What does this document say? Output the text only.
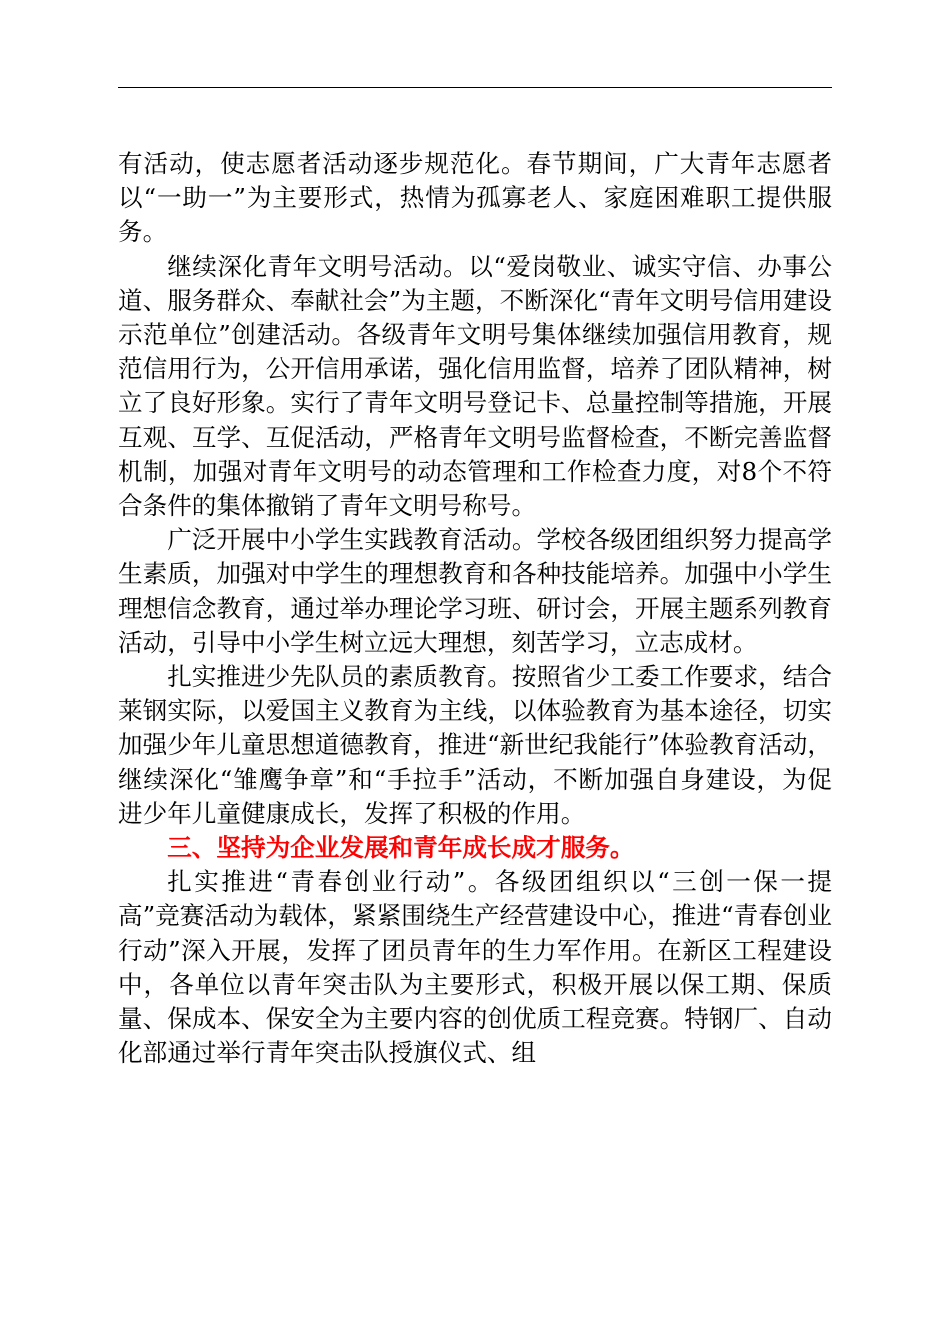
有活动，使志愿者活动逐步规范化。春节期间，广大青年志愿者以“一助一”为主要形式，热情为孤寡老人、家庭困难职工提供服务。

继续深化青年文明号活动。以“爱岗敬业、诚实守信、办事公道、服务群众、奉献社会”为主题，不断深化“青年文明号信用建设示范单位”创建活动。各级青年文明号集体继续加强信用教育，规范信用行为，公开信用承诺，强化信用监督，培养了团队精神，树立了良好形象。实行了青年文明号登记卡、总量控制等措施，开展互观、互学、互促活动，严格青年文明号监督检查，不断完善监督机制，加强对青年文明号的动态管理和工作检查力度，对8个不符合条件的集体撤销了青年文明号称号。

广泛开展中小学生实践教育活动。学校各级团组织努力提高学生素质，加强对中学生的理想教育和各种技能培养。加强中小学生理想信念教育，通过举办理论学习班、研讨会，开展主题系列教育活动，引导中小学生树立远大理想，刻苦学习，立志成材。

扎实推进少先队员的素质教育。按照省少工委工作要求，结合莱钢实际，以爱国主义教育为主线，以体验教育为基本途径，切实加强少年儿童思想道德教育，推进“新世纪我能行”体验教育活动，继续深化“雏鹰争章”和“手拉手”活动，不断加强自身建设，为促进少年儿童健康成长，发挥了积极的作用。

三、坚持为企业发展和青年成长成才服务。

扎实推进“青春创业行动”。各级团组织以“三创一保一提高”竞赛活动为载体，紧紧围绕生产经营建设中心，推进“青春创业行动”深入开展，发挥了团员青年的生力军作用。在新区工程建设中，各单位以青年突击队为主要形式，积极开展以保工期、保质量、保成本、保安全为主要内容的创优质工程竞赛。特钢厂、自动化部通过举行青年突击队授旗仪式、组
